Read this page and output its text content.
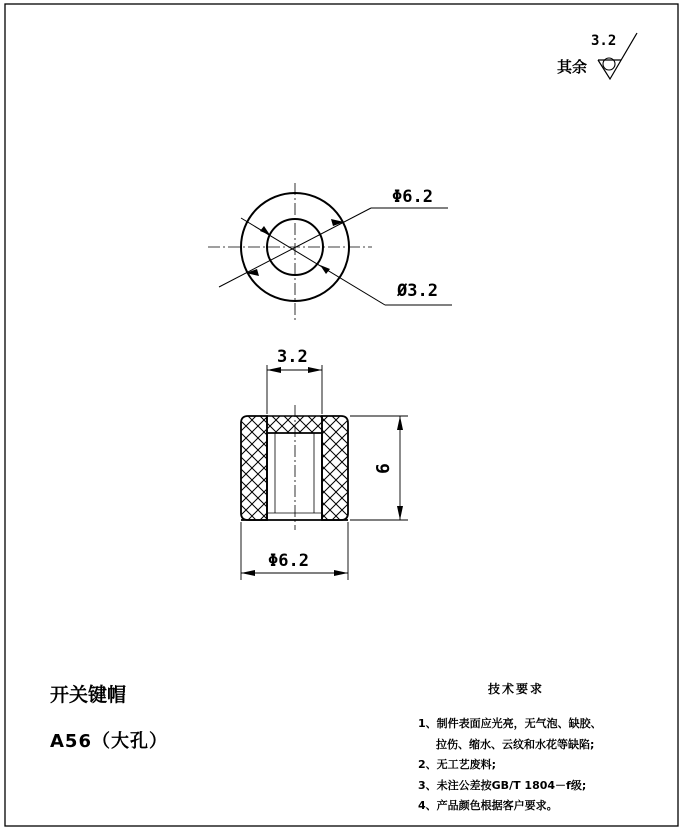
3.2
其余
Φ6.2
Ø3.2
3.2
6
Φ6.2
开关键帽
A56（大孔）
技术要求
1、制件表面应光亮，无气泡、缺胶、
拉伤、缩水、云纹和水花等缺陷;
2、无工艺废料;
3、未注公差按GB/T 1804－f级;
4、产品颜色根据客户要求。
